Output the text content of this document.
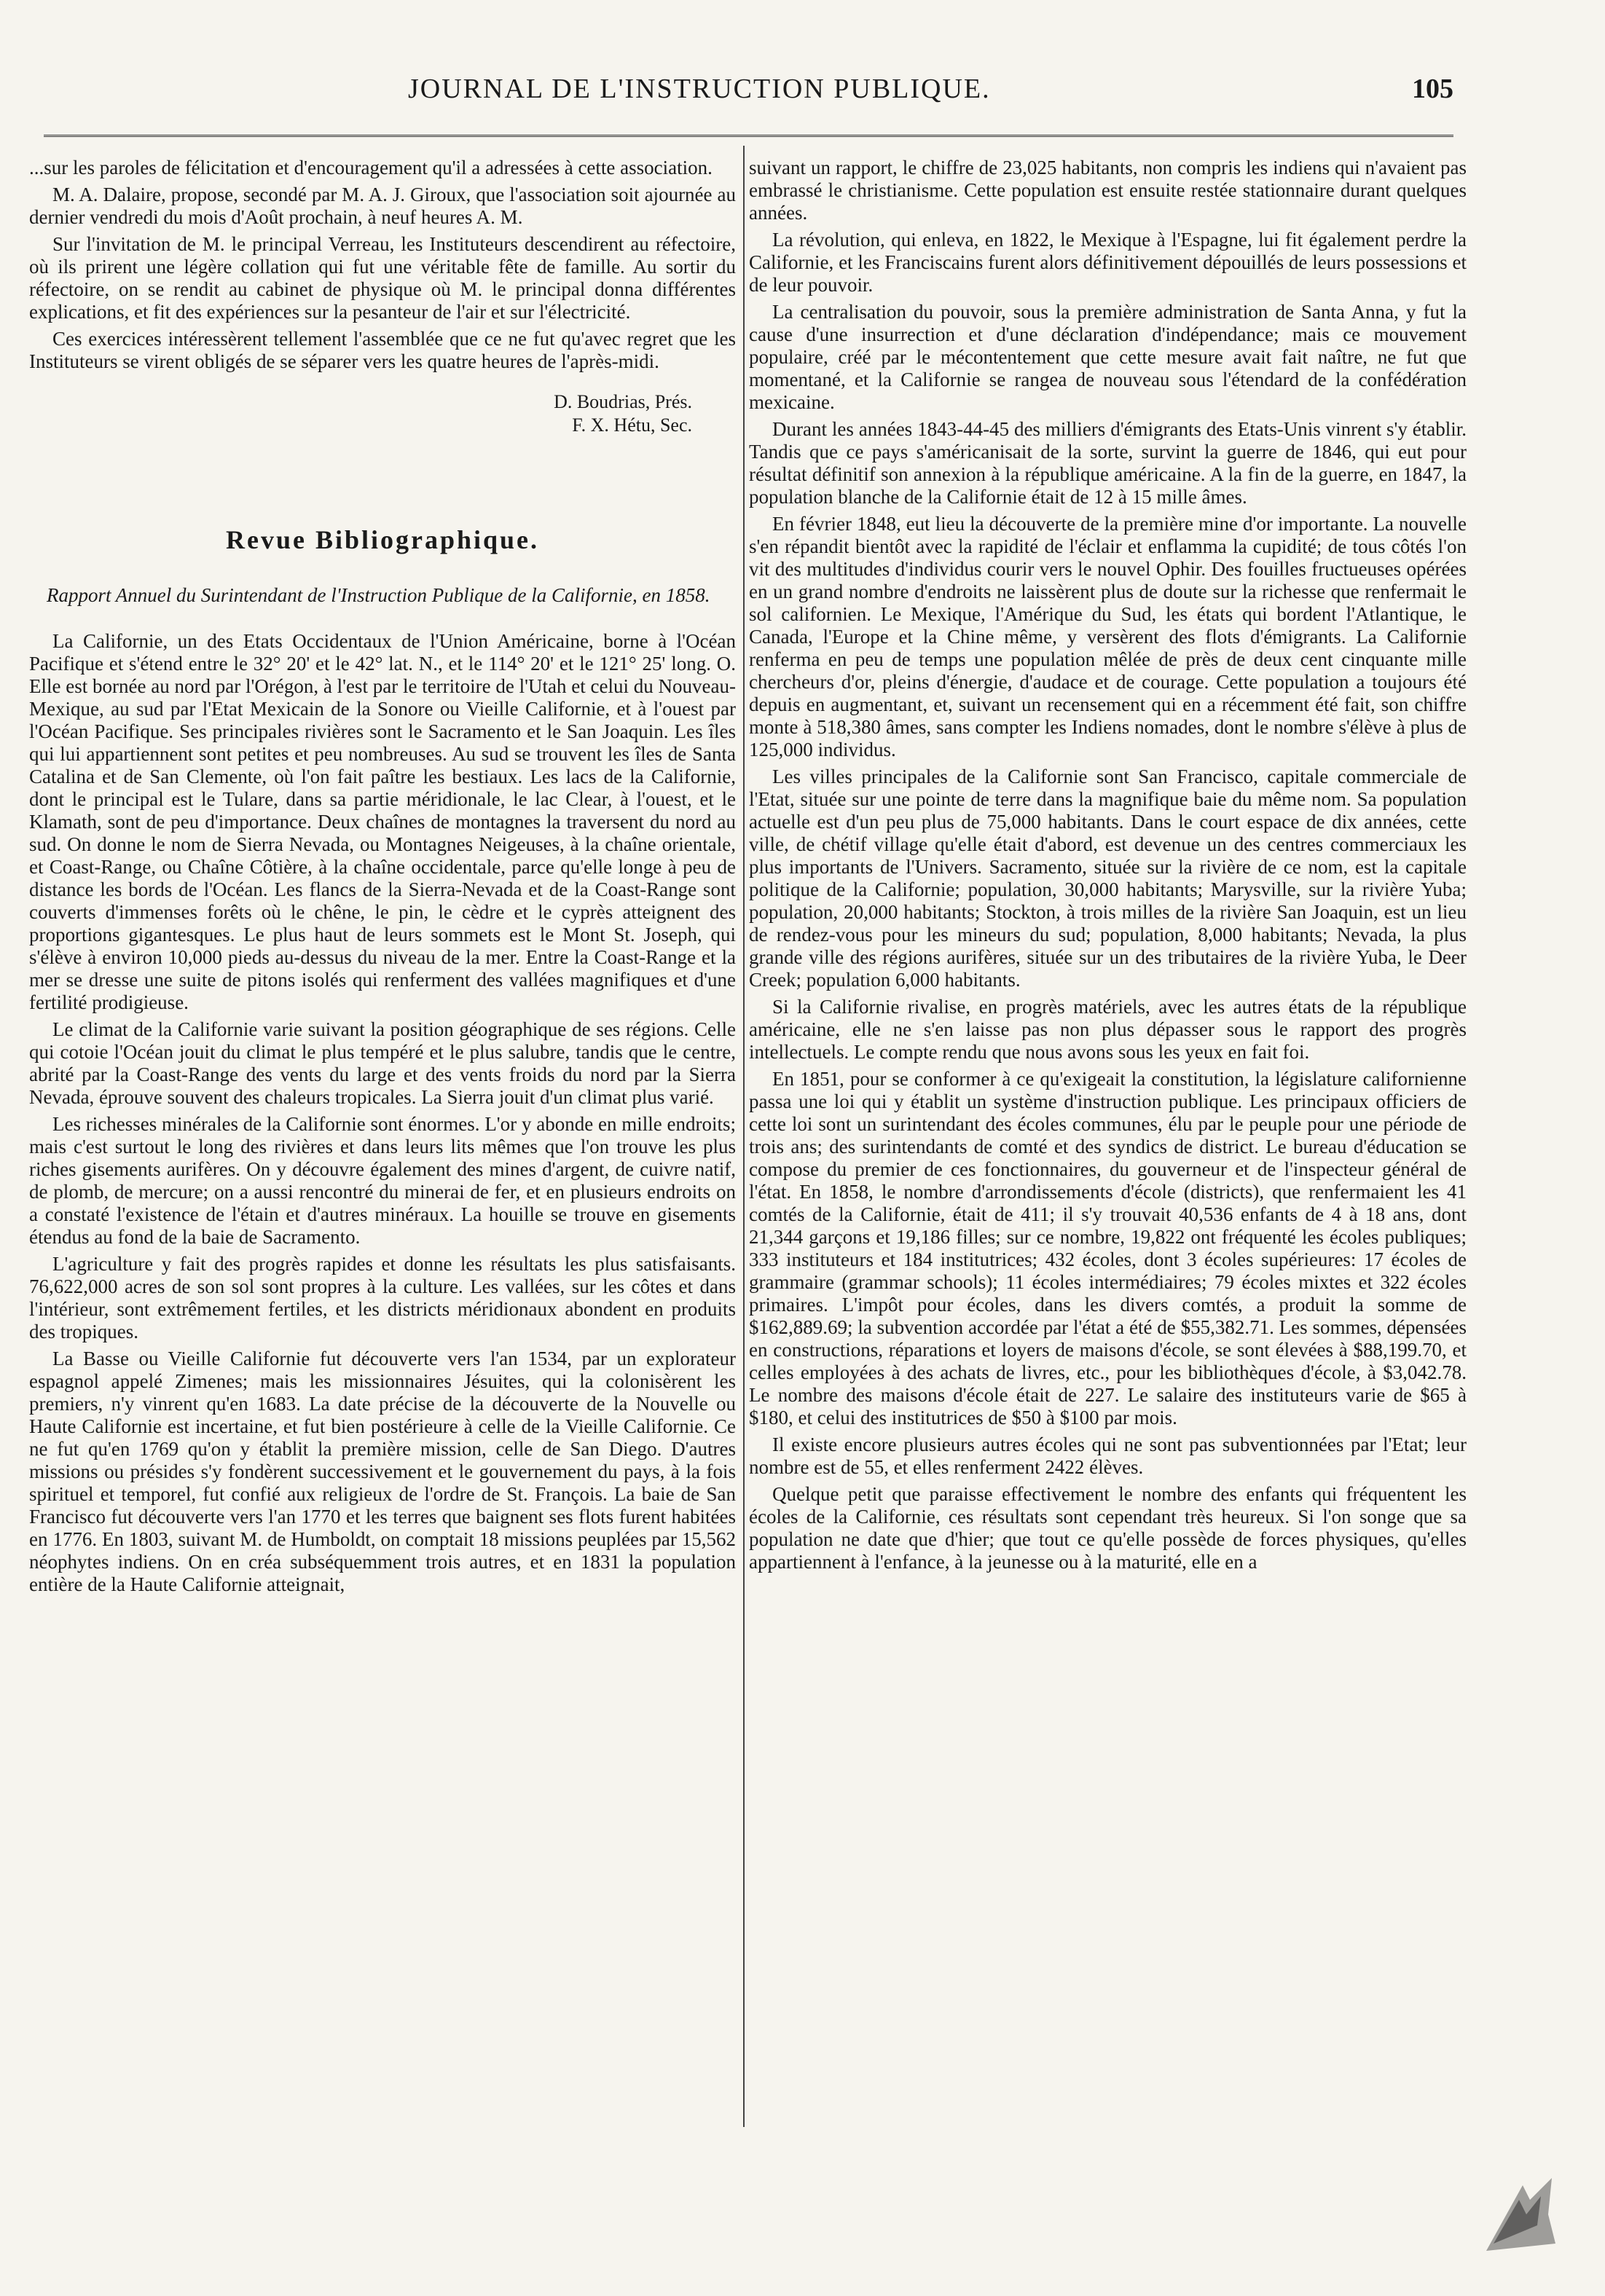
JOURNAL DE L'INSTRUCTION PUBLIQUE.	105

...sur les paroles de félicitation et d'encouragement qu'il a adressées à cette association.

M. A. Dalaire, propose, secondé par M. A. J. Giroux, que l'association soit ajournée au dernier vendredi du mois d'Août prochain, à neuf heures A. M.

Sur l'invitation de M. le principal Verreau, les Instituteurs descendirent au réfectoire, où ils prirent une légère collation qui fut une véritable fête de famille. Au sortir du réfectoire, on se rendit au cabinet de physique où M. le principal donna différentes explications, et fit des expériences sur la pesanteur de l'air et sur l'électricité.

Ces exercices intéressèrent tellement l'assemblée que ce ne fut qu'avec regret que les Instituteurs se virent obligés de se séparer vers les quatre heures de l'après-midi.

D. Boudrias, Prés.
F. X. Hétu, Sec.
Revue Bibliographique.
Rapport Annuel du Surintendant de l'Instruction Publique de la Californie, en 1858.

La Californie, un des Etats Occidentaux de l'Union Américaine, borne à l'Océan Pacifique et s'étend entre le 32° 20' et le 42° lat. N., et le 114° 20' et le 121° 25' long. O. Elle est bornée au nord par l'Orégon, à l'est par le territoire de l'Utah et celui du Nouveau-Mexique, au sud par l'Etat Mexicain de la Sonore ou Vieille Californie, et à l'ouest par l'Océan Pacifique. Ses principales rivières sont le Sacramento et le San Joaquin. Les îles qui lui appartiennent sont petites et peu nombreuses. Au sud se trouvent les îles de Santa Catalina et de San Clemente, où l'on fait paître les bestiaux. Les lacs de la Californie, dont le principal est le Tulare, dans sa partie méridionale, le lac Clear, à l'ouest, et le Klamath, sont de peu d'importance. Deux chaînes de montagnes la traversent du nord au sud. On donne le nom de Sierra Nevada, ou Montagnes Neigeuses, à la chaîne orientale, et Coast-Range, ou Chaîne Côtière, à la chaîne occidentale, parce qu'elle longe à peu de distance les bords de l'Océan. Les flancs de la Sierra-Nevada et de la Coast-Range sont couverts d'immenses forêts où le chêne, le pin, le cèdre et le cyprès atteignent des proportions gigantesques. Le plus haut de leurs sommets est le Mont St. Joseph, qui s'élève à environ 10,000 pieds au-dessus du niveau de la mer. Entre la Coast-Range et la mer se dresse une suite de pitons isolés qui renferment des vallées magnifiques et d'une fertilité prodigieuse.

Le climat de la Californie varie suivant la position géographique de ses régions. Celle qui cotoie l'Océan jouit du climat le plus tempéré et le plus salubre, tandis que le centre, abrité par la Coast-Range des vents du large et des vents froids du nord par la Sierra Nevada, éprouve souvent des chaleurs tropicales. La Sierra jouit d'un climat plus varié.

Les richesses minérales de la Californie sont énormes. L'or y abonde en mille endroits; mais c'est surtout le long des rivières et dans leurs lits mêmes que l'on trouve les plus riches gisements aurifères. On y découvre également des mines d'argent, de cuivre natif, de plomb, de mercure; on a aussi rencontré du minerai de fer, et en plusieurs endroits on a constaté l'existence de l'étain et d'autres minéraux. La houille se trouve en gisements étendus au fond de la baie de Sacramento.

L'agriculture y fait des progrès rapides et donne les résultats les plus satisfaisants. 76,622,000 acres de son sol sont propres à la culture. Les vallées, sur les côtes et dans l'intérieur, sont extrêmement fertiles, et les districts méridionaux abondent en produits des tropiques.

La Basse ou Vieille Californie fut découverte vers l'an 1534, par un explorateur espagnol appelé Zimenes; mais les missionnaires Jésuites, qui la colonisèrent les premiers, n'y vinrent qu'en 1683. La date précise de la découverte de la Nouvelle ou Haute Californie est incertaine, et fut bien postérieure à celle de la Vieille Californie. Ce ne fut qu'en 1769 qu'on y établit la première mission, celle de San Diego. D'autres missions ou présides s'y fondèrent successivement et le gouvernement du pays, à la fois spirituel et temporel, fut confié aux religieux de l'ordre de St. François. La baie de San Francisco fut découverte vers l'an 1770 et les terres que baignent ses flots furent habitées en 1776. En 1803, suivant M. de Humboldt, on comptait 18 missions peuplées par 15,562 néophytes indiens. On en créa subséquemment trois autres, et en 1831 la population entière de la Haute Californie atteignait,

suivant un rapport, le chiffre de 23,025 habitants, non compris les indiens qui n'avaient pas embrassé le christianisme. Cette population est ensuite restée stationnaire durant quelques années.

La révolution, qui enleva, en 1822, le Mexique à l'Espagne, lui fit également perdre la Californie, et les Franciscains furent alors définitivement dépouillés de leurs possessions et de leur pouvoir.

La centralisation du pouvoir, sous la première administration de Santa Anna, y fut la cause d'une insurrection et d'une déclaration d'indépendance; mais ce mouvement populaire, créé par le mécontentement que cette mesure avait fait naître, ne fut que momentané, et la Californie se rangea de nouveau sous l'étendard de la confédération mexicaine.

Durant les années 1843-44-45 des milliers d'émigrants des Etats-Unis vinrent s'y établir. Tandis que ce pays s'américanisait de la sorte, survint la guerre de 1846, qui eut pour résultat définitif son annexion à la république américaine. A la fin de la guerre, en 1847, la population blanche de la Californie était de 12 à 15 mille âmes.

En février 1848, eut lieu la découverte de la première mine d'or importante. La nouvelle s'en répandit bientôt avec la rapidité de l'éclair et enflamma la cupidité; de tous côtés l'on vit des multitudes d'individus courir vers le nouvel Ophir. Des fouilles fructueuses opérées en un grand nombre d'endroits ne laissèrent plus de doute sur la richesse que renfermait le sol californien. Le Mexique, l'Amérique du Sud, les états qui bordent l'Atlantique, le Canada, l'Europe et la Chine même, y versèrent des flots d'émigrants. La Californie renferma en peu de temps une population mêlée de près de deux cent cinquante mille chercheurs d'or, pleins d'énergie, d'audace et de courage. Cette population a toujours été depuis en augmentant, et, suivant un recensement qui en a récemment été fait, son chiffre monte à 518,380 âmes, sans compter les Indiens nomades, dont le nombre s'élève à plus de 125,000 individus.

Les villes principales de la Californie sont San Francisco, capitale commerciale de l'Etat, située sur une pointe de terre dans la magnifique baie du même nom. Sa population actuelle est d'un peu plus de 75,000 habitants. Dans le court espace de dix années, cette ville, de chétif village qu'elle était d'abord, est devenue un des centres commerciaux les plus importants de l'Univers. Sacramento, située sur la rivière de ce nom, est la capitale politique de la Californie; population, 30,000 habitants; Marysville, sur la rivière Yuba; population, 20,000 habitants; Stockton, à trois milles de la rivière San Joaquin, est un lieu de rendez-vous pour les mineurs du sud; population, 8,000 habitants; Nevada, la plus grande ville des régions aurifères, située sur un des tributaires de la rivière Yuba, le Deer Creek; population 6,000 habitants.

Si la Californie rivalise, en progrès matériels, avec les autres états de la république américaine, elle ne s'en laisse pas non plus dépasser sous le rapport des progrès intellectuels. Le compte rendu que nous avons sous les yeux en fait foi.

En 1851, pour se conformer à ce qu'exigeait la constitution, la législature californienne passa une loi qui y établit un système d'instruction publique. Les principaux officiers de cette loi sont un surintendant des écoles communes, élu par le peuple pour une période de trois ans; des surintendants de comté et des syndics de district. Le bureau d'éducation se compose du premier de ces fonctionnaires, du gouverneur et de l'inspecteur général de l'état. En 1858, le nombre d'arrondissements d'école (districts), que renfermaient les 41 comtés de la Californie, était de 411; il s'y trouvait 40,536 enfants de 4 à 18 ans, dont 21,344 garçons et 19,186 filles; sur ce nombre, 19,822 ont fréquenté les écoles publiques; 333 instituteurs et 184 institutrices; 432 écoles, dont 3 écoles supérieures: 17 écoles de grammaire (grammar schools); 11 écoles intermédiaires; 79 écoles mixtes et 322 écoles primaires. L'impôt pour écoles, dans les divers comtés, a produit la somme de $162,889.69; la subvention accordée par l'état a été de $55,382.71. Les sommes, dépensées en constructions, réparations et loyers de maisons d'école, se sont élevées à $88,199.70, et celles employées à des achats de livres, etc., pour les bibliothèques d'école, à $3,042.78. Le nombre des maisons d'école était de 227. Le salaire des instituteurs varie de $65 à $180, et celui des institutrices de $50 à $100 par mois.

Il existe encore plusieurs autres écoles qui ne sont pas subventionnées par l'Etat; leur nombre est de 55, et elles renferment 2422 élèves.

Quelque petit que paraisse effectivement le nombre des enfants qui fréquentent les écoles de la Californie, ces résultats sont cependant très heureux. Si l'on songe que sa population ne date que d'hier; que tout ce qu'elle possède de forces physiques, qu'elles appartiennent à l'enfance, à la jeunesse ou à la maturité, elle en a
